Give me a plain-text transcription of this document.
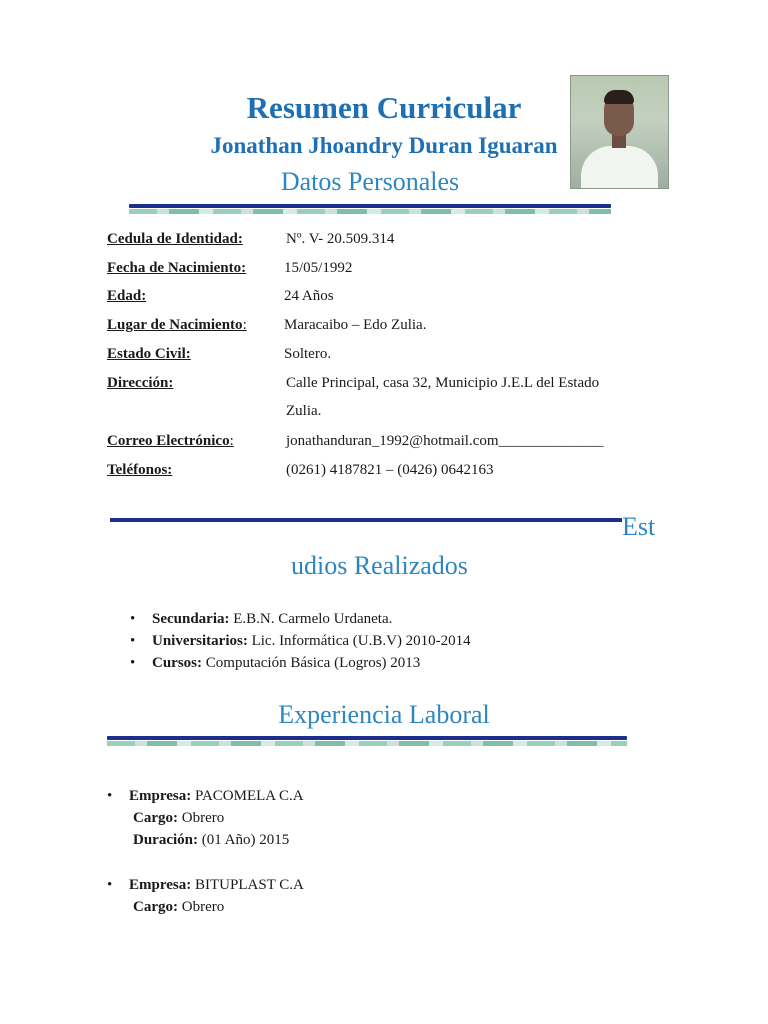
Resumen Curricular
Jonathan Jhoandry Duran Iguaran
Datos Personales
Cedula de Identidad:	Nº. V- 20.509.314
Fecha de Nacimiento:	15/05/1992
Edad:	24 Años
Lugar de Nacimiento: Maracaibo – Edo Zulia.
Estado Civil:	Soltero.
Dirección:	Calle Principal, casa 32, Municipio J.E.L del Estado
Zulia.
Correo Electrónico:	jonathanduran_1992@hotmail.com______________
Teléfonos:	(0261) 4187821 – (0426) 0642163
Est
udios Realizados
• Secundaria: E.B.N. Carmelo Urdaneta.
• Universitarios: Lic. Informática (U.B.V) 2010-2014
• Cursos: Computación Básica (Logros) 2013
Experiencia Laboral
• Empresa: PACOMELA C.A
Cargo: Obrero
Duración: (01 Año) 2015
• Empresa: BITUPLAST C.A
Cargo: Obrero
